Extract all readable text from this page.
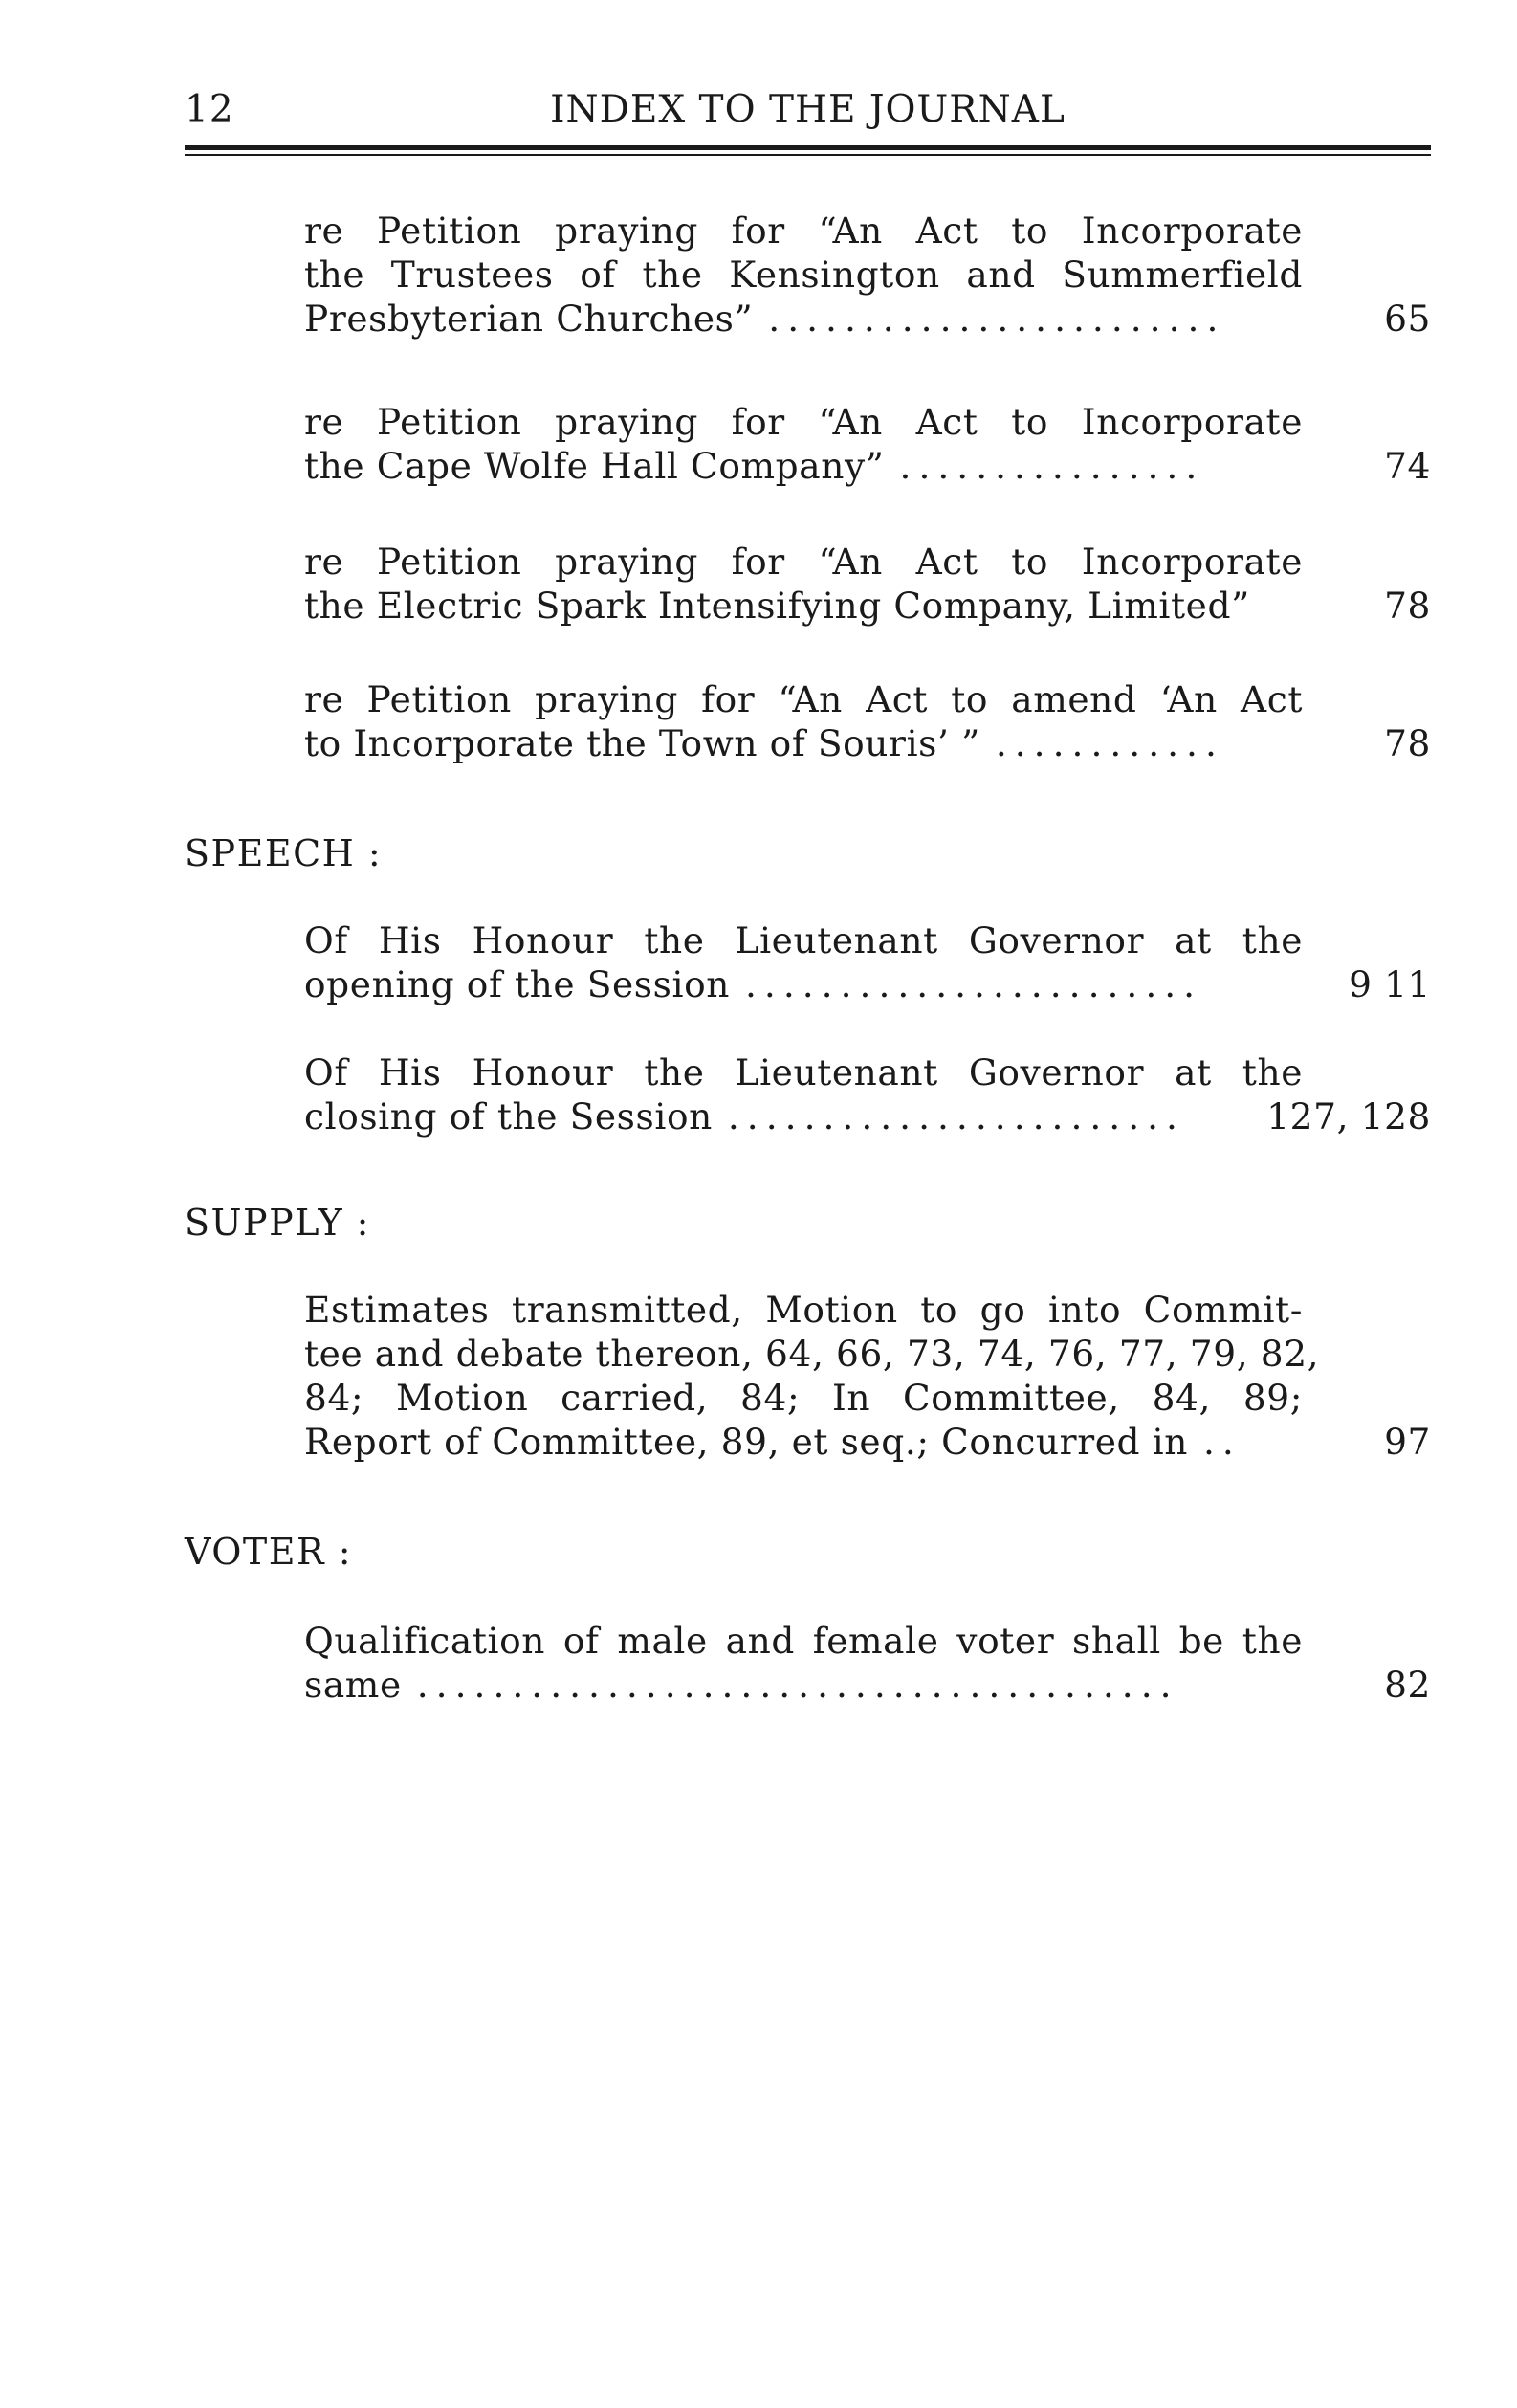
12	INDEX TO THE JOURNAL
re Petition praying for “An Act to Incorporate
the Trustees of the Kensington and Summerfield
Presbyterian Churches” ........................	65
re Petition praying for “An Act to Incorporate
the Cape Wolfe Hall Company” ................	74
re Petition praying for “An Act to Incorporate
the Electric Spark Intensifying Company, Limited”	78
re Petition praying for “An Act to amend ‘An Act
to Incorporate the Town of Souris’ ” ............	78
SPEECH :
Of His Honour the Lieutenant Governor at the
opening of the Session ........................	9 11
Of His Honour the Lieutenant Governor at the
closing of the Session ........................	127, 128
SUPPLY :
Estimates transmitted, Motion to go into Commit-
tee and debate thereon, 64, 66, 73, 74, 76, 77, 79, 82,
84; Motion carried, 84; In Committee, 84, 89;
Report of Committee, 89, et seq.; Concurred in ..	97
VOTER :
Qualification of male and female voter shall be the
same ........................................	82
